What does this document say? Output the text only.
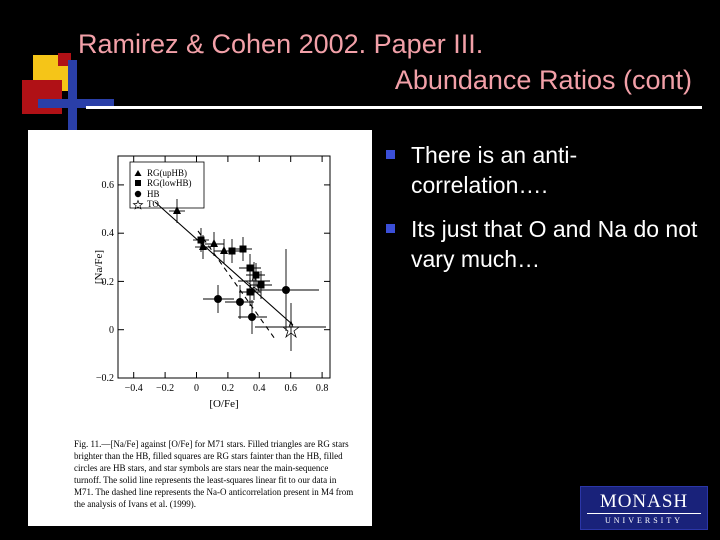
Ramirez & Cohen 2002. Paper III.
Abundance Ratios (cont)
−0.2
0
0.2
0.4
0.6
−0.4 −0.2 0 0.2 0.4 0.6 0.8
[O/Fe]
[Na/Fe]
RG(upHB)
RG(lowHB)
HB
TO
Fig. 11.—[Na/Fe] against [O/Fe] for M71 stars. Filled triangles are RG stars brighter than the HB, filled squares are RG stars fainter than the HB, filled circles are HB stars, and star symbols are stars near the main-sequence turnoff. The solid line represents the least-squares linear fit to our data in M71. The dashed line represents the Na-O anticorrelation present in M4 from the analysis of Ivans et al. (1999).
There is an anti-correlation….
Its just that O and Na do not vary much…
MONASH
UNIVERSITY
